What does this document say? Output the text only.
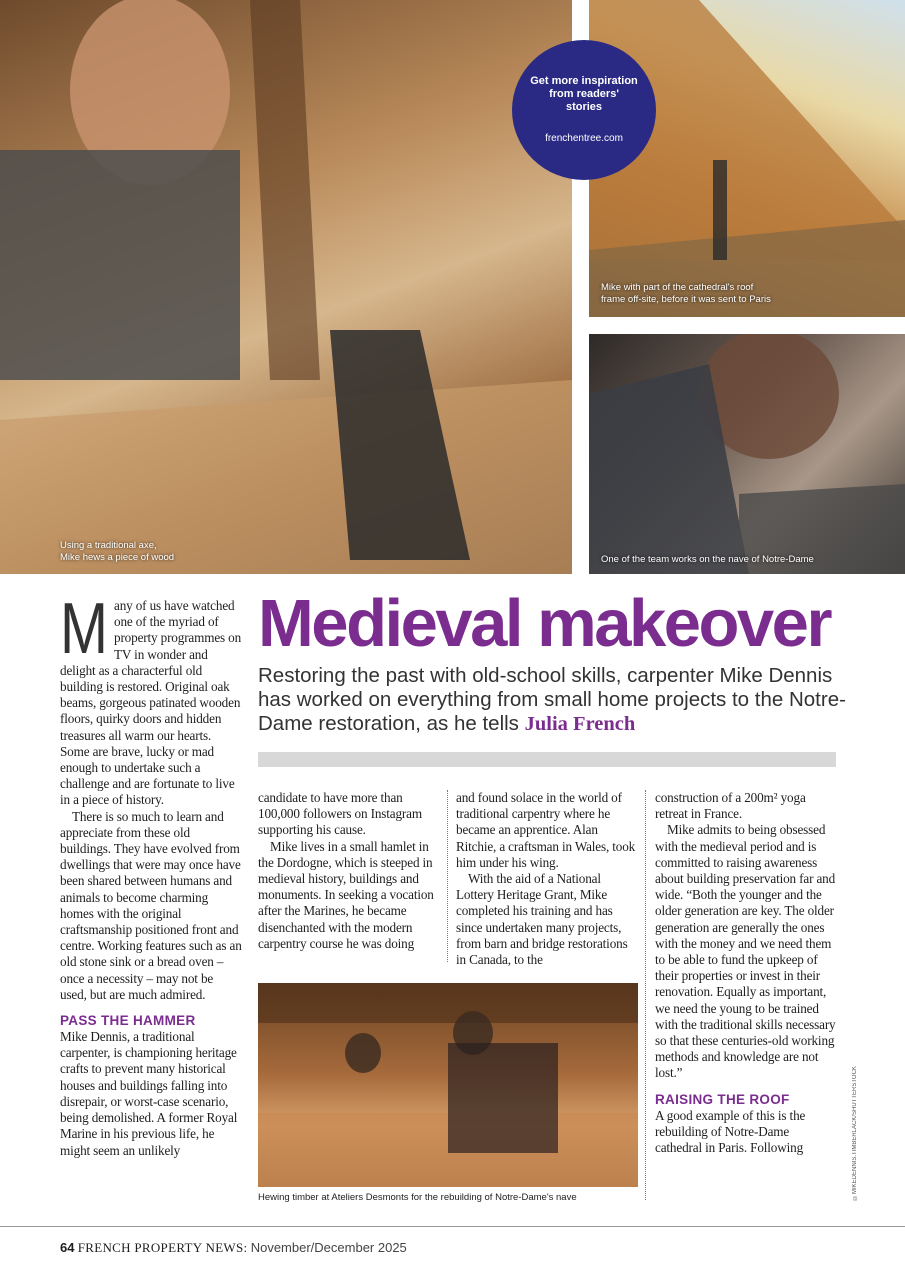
Using a traditional axe,
Mike hews a piece of wood
Mike with part of the cathedral's roof
frame off-site, before it was sent to Paris
One of the team works on the nave of Notre-Dame
Get more inspiration from readers' stories
frenchentree.com

Many of us have watched one of the myriad of property programmes on TV in wonder and delight as a characterful old building is restored. Original oak beams, gorgeous patinated wooden floors, quirky doors and hidden treasures all warm our hearts. Some are brave, lucky or mad enough to undertake such a challenge and are fortunate to live in a piece of history.

There is so much to learn and appreciate from these old buildings. They have evolved from dwellings that were may once have been shared between humans and animals to become charming homes with the original craftsmanship positioned front and centre. Working features such as an old stone sink or a bread oven – once a necessity – may not be used, but are much admired.

PASS THE HAMMER

Mike Dennis, a traditional carpenter, is championing heritage crafts to prevent many historical houses and buildings falling into disrepair, or worst-case scenario, being demolished. A former Royal Marine in his previous life, he might seem an unlikely

Medieval makeover
Restoring the past with old-school skills, carpenter Mike Dennis has worked on everything from small home projects to the Notre-Dame restoration, as he tells Julia French

candidate to have more than 100,000 followers on Instagram supporting his cause.

Mike lives in a small hamlet in the Dordogne, which is steeped in medieval history, buildings and monuments. In seeking a vocation after the Marines, he became disenchanted with the modern carpentry course he was doing

and found solace in the world of traditional carpentry where he became an apprentice. Alan Ritchie, a craftsman in Wales, took him under his wing.

With the aid of a National Lottery Heritage Grant, Mike completed his training and has since undertaken many projects, from barn and bridge restorations in Canada, to the

construction of a 200m² yoga retreat in France.

Mike admits to being obsessed with the medieval period and is committed to raising awareness about building preservation far and wide. “Both the younger and the older generation are key. The older generation are generally the ones with the money and we need them to be able to fund the upkeep of their properties or invest in their renovation. Equally as important, we need the young to be trained with the traditional skills necessary so that these centuries-old working methods and knowledge are not lost.”

RAISING THE ROOF

A good example of this is the rebuilding of Notre-Dame cathedral in Paris. Following

Hewing timber at Ateliers Desmonts for the rebuilding of Notre-Dame's nave	©MIKEDENNIS.TIMBERLACK/SHUTTERSTOCK
64 FRENCH PROPERTY NEWS: November/December 2025
